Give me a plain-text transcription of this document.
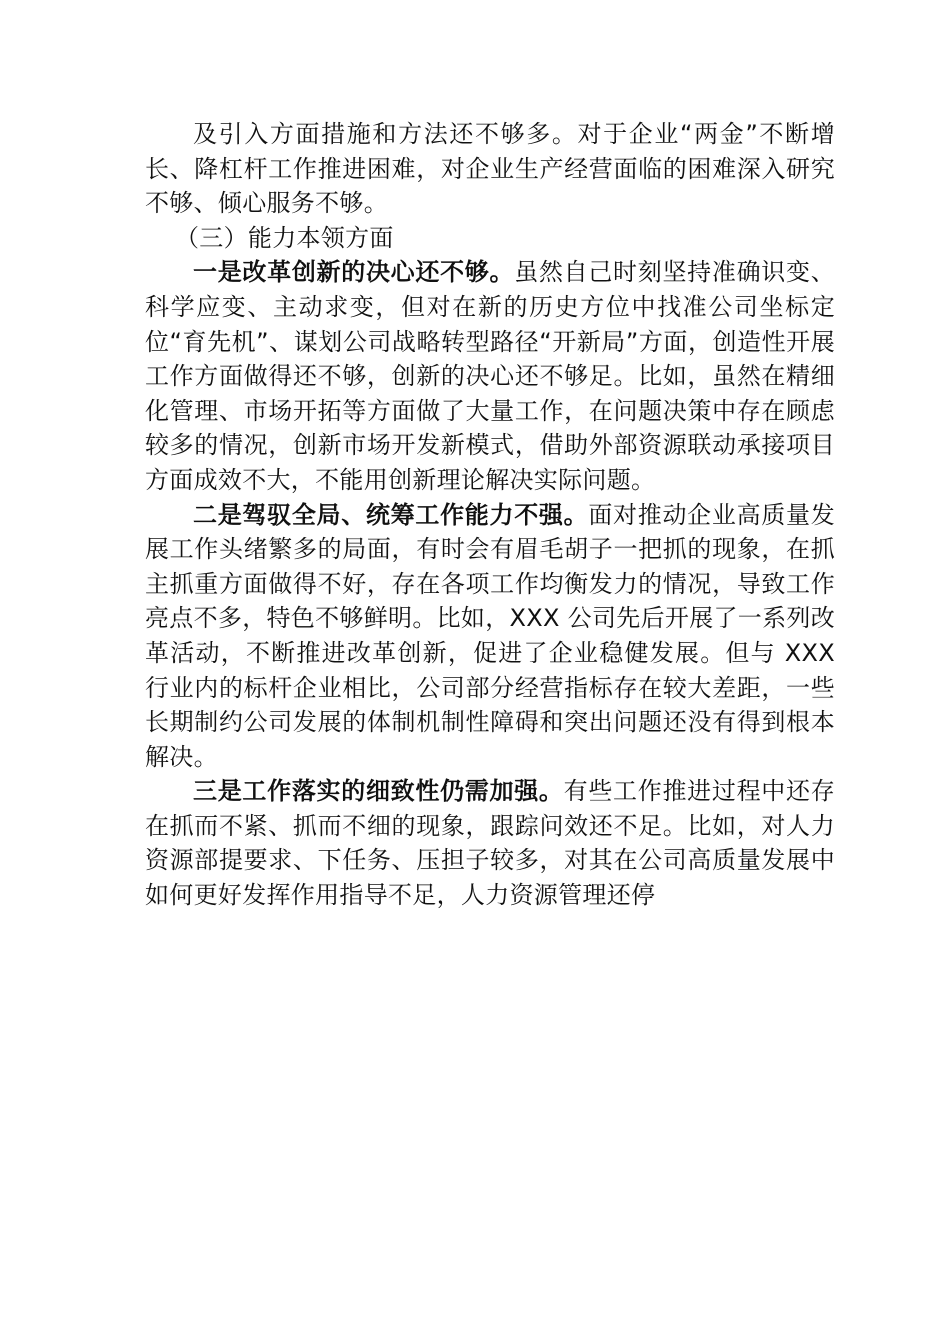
及引入方面措施和方法还不够多。对于企业“两金”不断增长、降杠杆工作推进困难，对企业生产经营面临的困难深入研究不够、倾心服务不够。

（三）能力本领方面

一是改革创新的决心还不够。虽然自己时刻坚持准确识变、科学应变、主动求变，但对在新的历史方位中找准公司坐标定位“育先机”、谋划公司战略转型路径“开新局”方面，创造性开展工作方面做得还不够，创新的决心还不够足。比如，虽然在精细化管理、市场开拓等方面做了大量工作，在问题决策中存在顾虑较多的情况，创新市场开发新模式，借助外部资源联动承接项目方面成效不大，不能用创新理论解决实际问题。

二是驾驭全局、统筹工作能力不强。面对推动企业高质量发展工作头绪繁多的局面，有时会有眉毛胡子一把抓的现象，在抓主抓重方面做得不好，存在各项工作均衡发力的情况，导致工作亮点不多，特色不够鲜明。比如，XXX 公司先后开展了一系列改革活动，不断推进改革创新，促进了企业稳健发展。但与 XXX 行业内的标杆企业相比，公司部分经营指标存在较大差距，一些长期制约公司发展的体制机制性障碍和突出问题还没有得到根本解决。

三是工作落实的细致性仍需加强。有些工作推进过程中还存在抓而不紧、抓而不细的现象，跟踪问效还不足。比如，对人力资源部提要求、下任务、压担子较多，对其在公司高质量发展中如何更好发挥作用指导不足，人力资源管理还停
